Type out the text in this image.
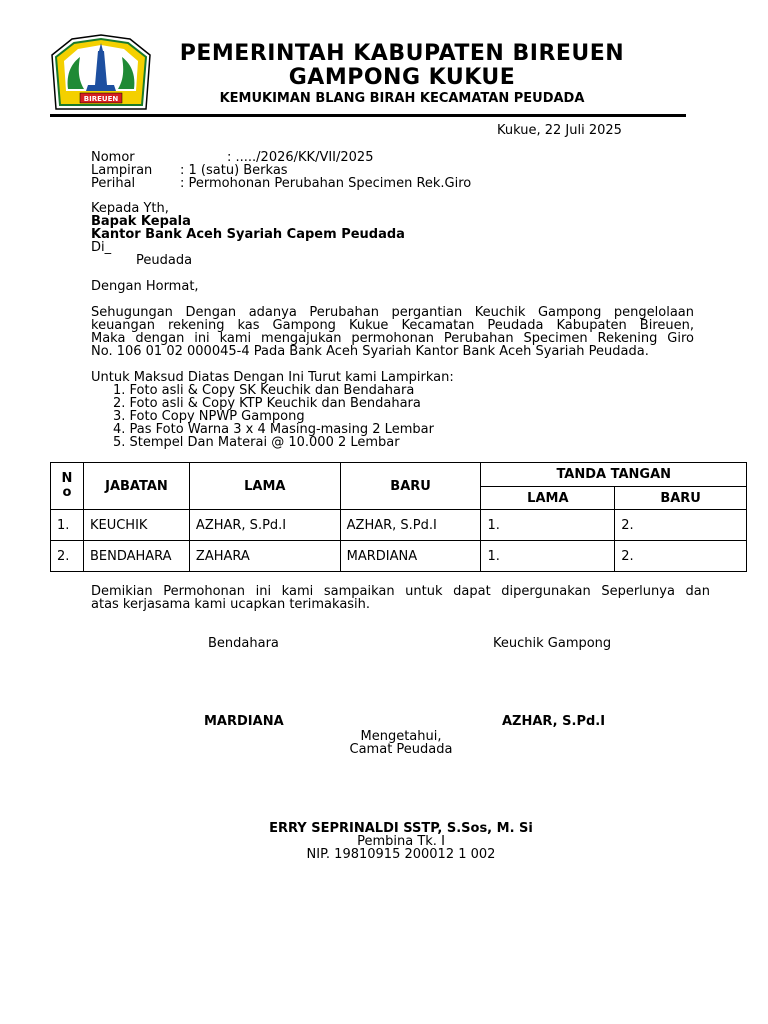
BIREUEN
PEMERINTAH KABUPATEN BIREUEN
GAMPONG KUKUE
KEMUKIMAN BLANG BIRAH KECAMATAN PEUDADA
Kukue, 22 Juli 2025
Nomor	: ...../2026/KK/VII/2025
Lampiran : 1 (satu) Berkas
Perihal	: Permohonan Perubahan Specimen Rek.Giro
Kepada Yth,
Bapak Kepala
Kantor Bank Aceh Syariah Capem Peudada
Di_
Peudada
Dengan Hormat,
Sehugungan Dengan adanya Perubahan pergantian Keuchik Gampong pengelolaan
keuangan rekening kas Gampong Kukue Kecamatan Peudada Kabupaten Bireuen,
Maka dengan ini kami mengajukan permohonan Perubahan Specimen Rekening Giro
No. 106 01 02 000045-4 Pada Bank Aceh Syariah Kantor Bank Aceh Syariah Peudada.
Untuk Maksud Diatas Dengan Ini Turut kami Lampirkan:
1. Foto asli & Copy SK Keuchik dan Bendahara
2. Foto asli & Copy KTP Keuchik dan Bendahara
3. Foto Copy NPWP Gampong
4. Pas Foto Warna 3 x 4 Masing-masing 2 Lembar
5. Stempel Dan Materai @ 10.000 2 Lembar
N
o	JABATAN	LAMA	BARU	TANDA TANGAN	
				LAMA	BARU
1.	KEUCHIK	AZHAR, S.Pd.I	AZHAR, S.Pd.I	1.	2.
2.	BENDAHARA	ZAHARA	MARDIANA	1.	2.
Demikian Permohonan ini kami sampaikan untuk dapat dipergunakan Seperlunya dan
atas kerjasama kami ucapkan terimakasih.
Bendahara	Keuchik Gampong
MARDIANA	AZHAR, S.Pd.I
Mengetahui,
Camat Peudada
ERRY SEPRINALDI SSTP, S.Sos, M. Si
Pembina Tk. I
NIP. 19810915 200012 1 002
